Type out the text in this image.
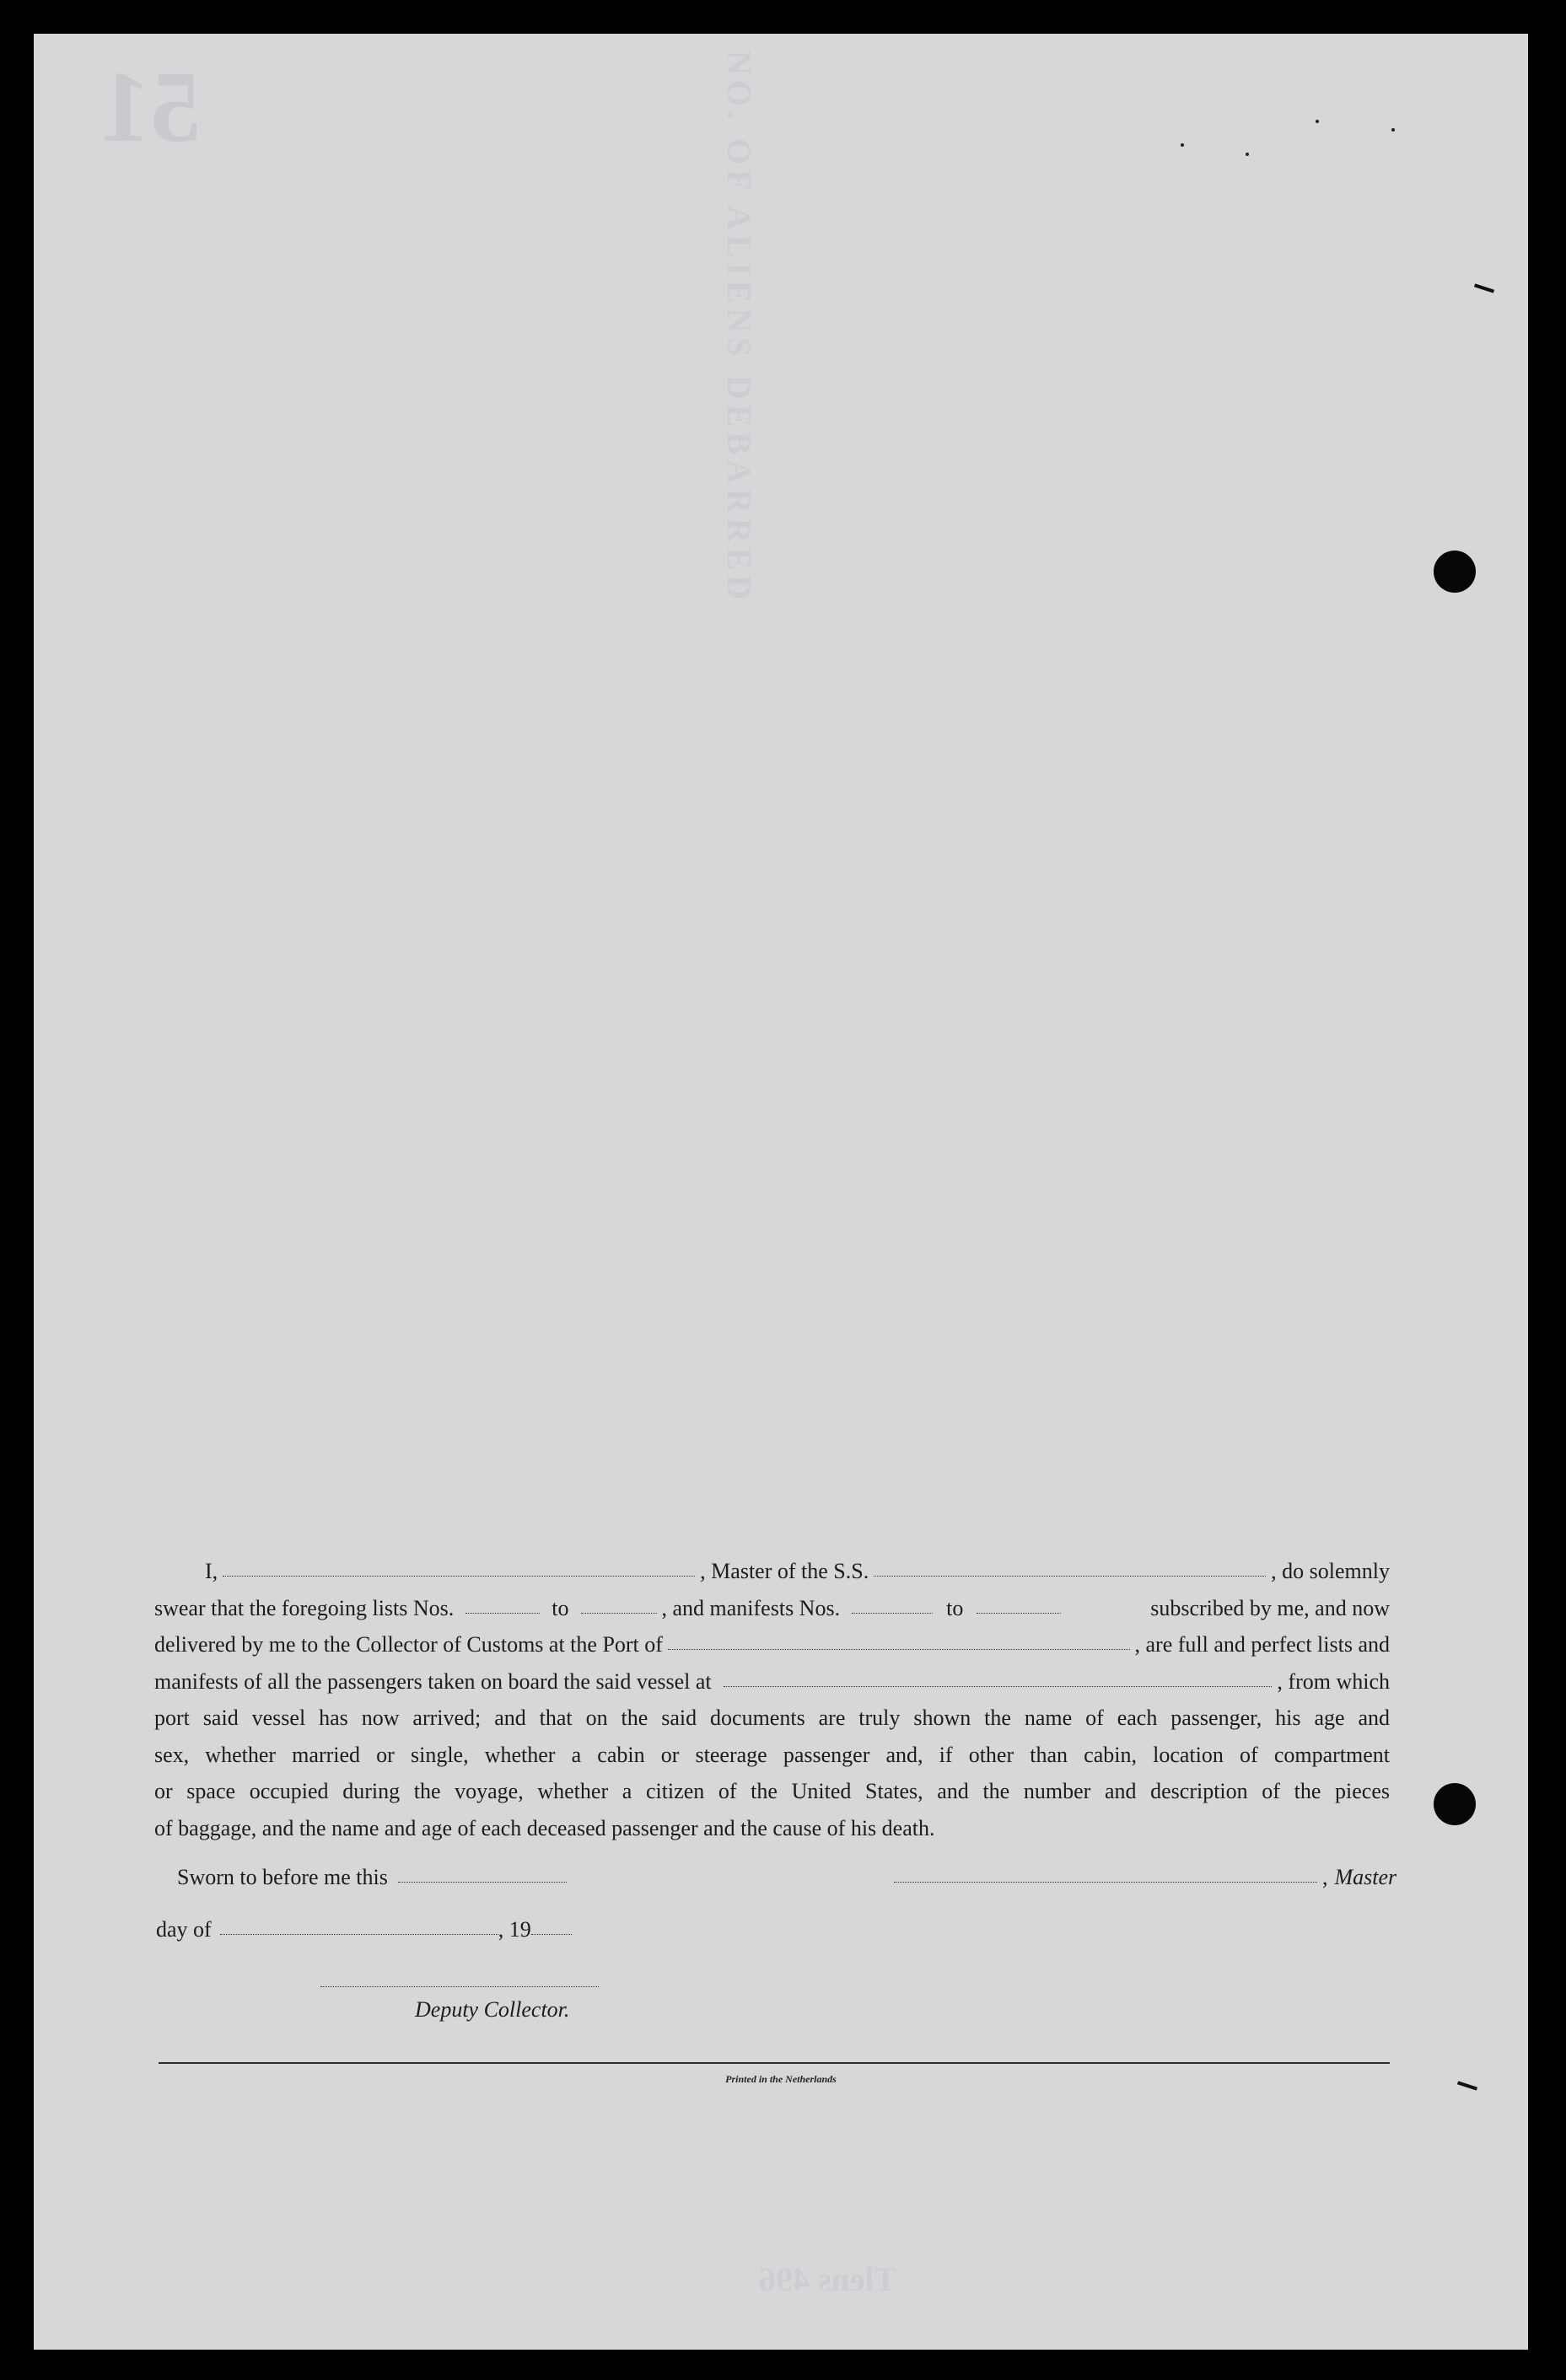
51	NO. OF ALIENS DEBARRED
Tlens 496
I,	, Master of the S.S.	, do solemnly
swear that the foregoing lists Nos.	to	, and manifests Nos.	to	subscribed by me, and now
delivered by me to the Collector of Customs at the Port of	, are full and perfect lists and
manifests of all the passengers taken on board the said vessel at	, from which
port said vessel has now arrived; and that on the said documents are truly shown the name of each passenger, his age and
sex, whether married or single, whether a cabin or steerage passenger and, if other than cabin, location of compartment
or space occupied during the voyage, whether a citizen of the United States, and the number and description of the pieces
of baggage, and the name and age of each deceased passenger and the cause of his death.
Sworn to before me this	, Master
day of	, 19
Deputy Collector.
Printed in the Netherlands
